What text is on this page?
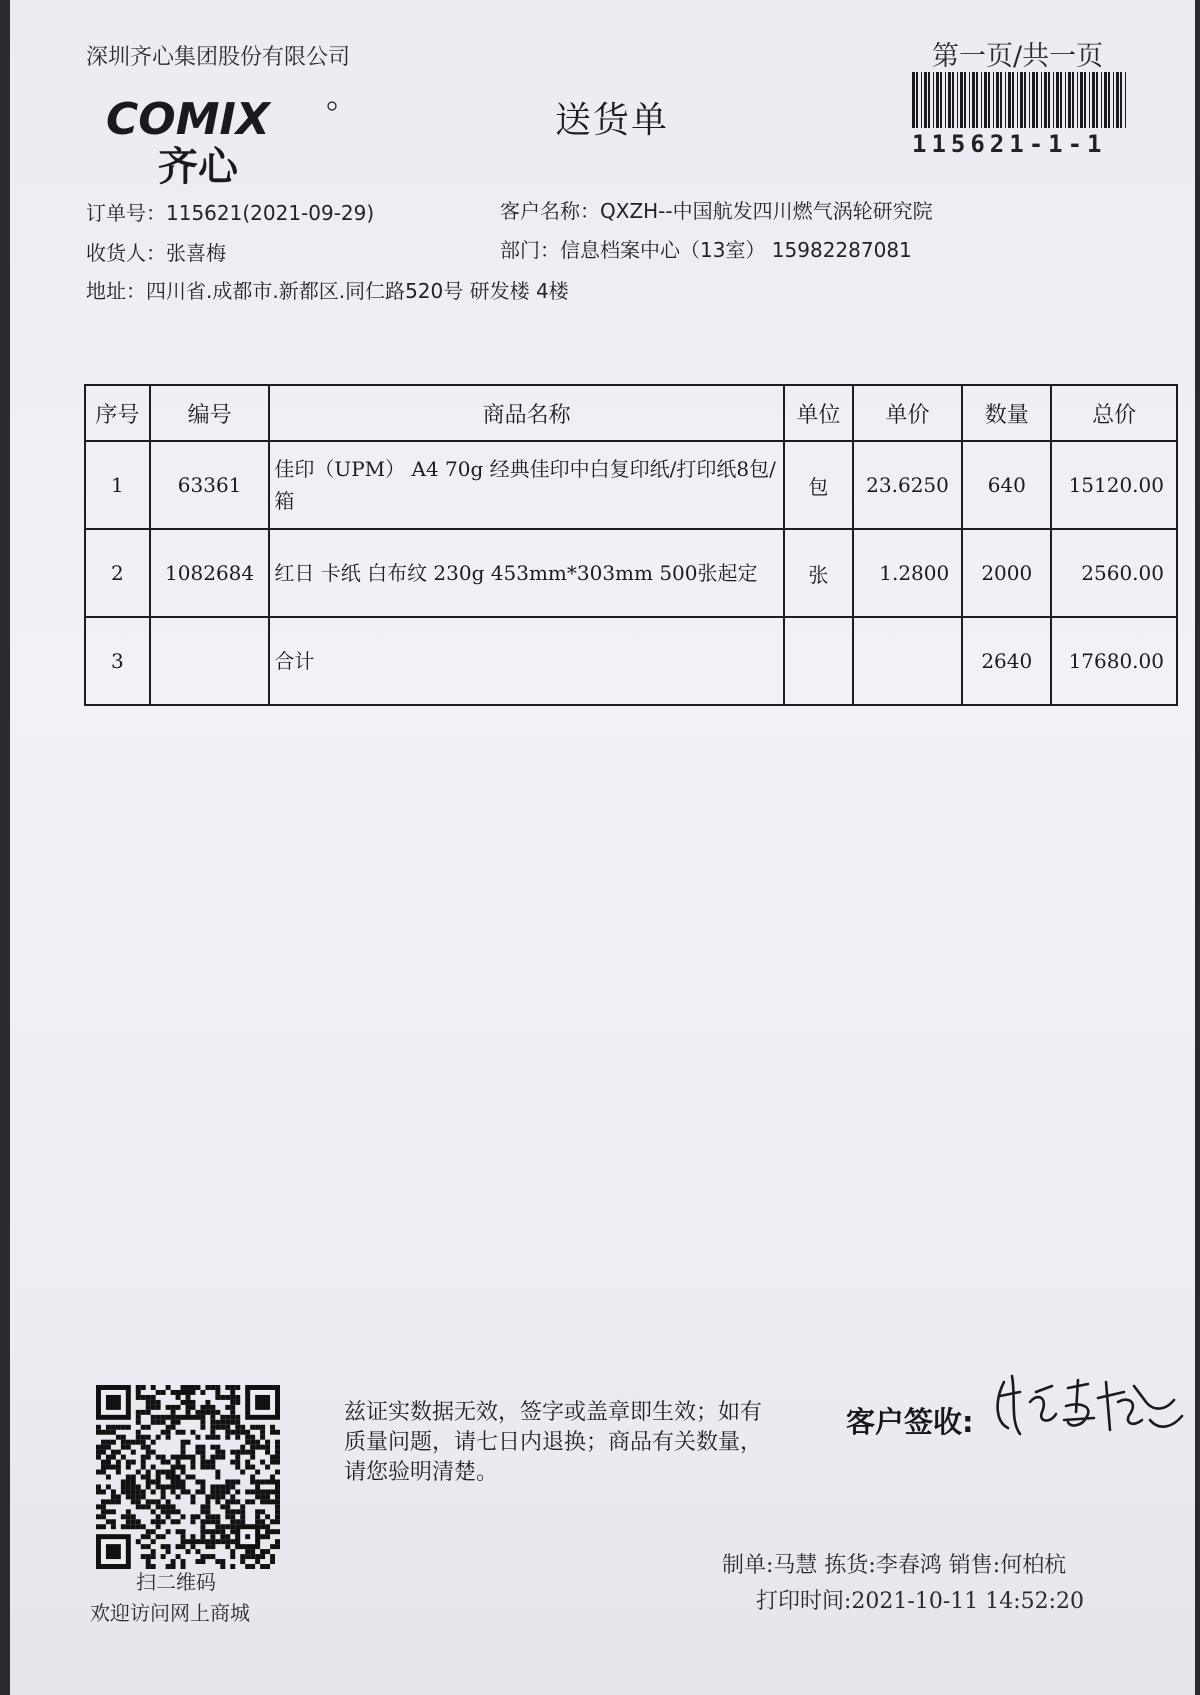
深圳齐心集团股份有限公司	第一页/共一页
115621-1-1
COMIX
齐心
送货单
订单号：115621(2021-09-29)	客户名称：QXZH--中国航发四川燃气涡轮研究院
收货人：张喜梅	部门：信息档案中心（13室） 15982287081
地址：四川省.成都市.新都区.同仁路520号 研发楼 4楼
序号	编号	商品名称	单位	单价	数量	总价
1	63361	佳印（UPM） A4 70g 经典佳印中白复印纸/打印纸8包/箱	包	23.6250	640	15120.00
2	1082684	红日 卡纸 白布纹 230g 453mm*303mm 500张起定	张	1.2800	2000	2560.00
3		合计			2640	17680.00
扫二维码
欢迎访问网上商城
兹证实数据无效，签字或盖章即生效；如有质量问题，请七日内退换；商品有关数量，请您验明清楚。
客户签收:
制单:马慧 拣货:李春鸿 销售:何柏杭
打印时间:2021-10-11 14:52:20
